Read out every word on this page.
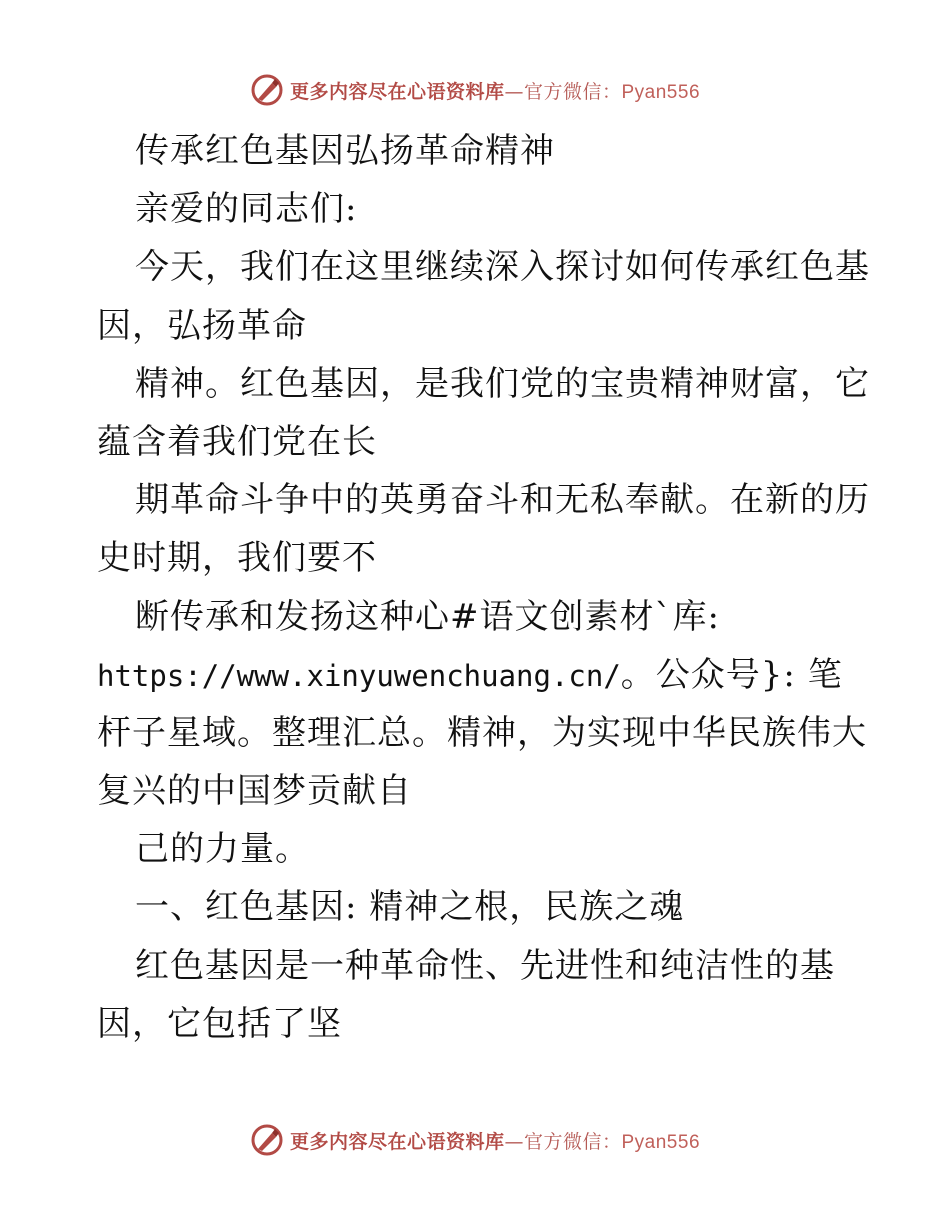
更多内容尽在心语资料库—官方微信：Pyan556
传承红色基因弘扬革命精神
亲爱的同志们:
今天，我们在这里继续深入探讨如何传承红色基
因，弘扬革命
精神。红色基因，是我们党的宝贵精神财富，它
蕴含着我们党在长
期革命斗争中的英勇奋斗和无私奉献。在新的历
史时期，我们要不
断传承和发扬这种心#语文创素材`库:
https://www.xinyuwenchuang.cn/。公众号}: 笔
杆子星域。整理汇总。精神，为实现中华民族伟大
复兴的中国梦贡献自
己的力量。
一、红色基因: 精神之根，民族之魂
红色基因是一种革命性、先进性和纯洁性的基
因，它包括了坚
更多内容尽在心语资料库—官方微信：Pyan556
